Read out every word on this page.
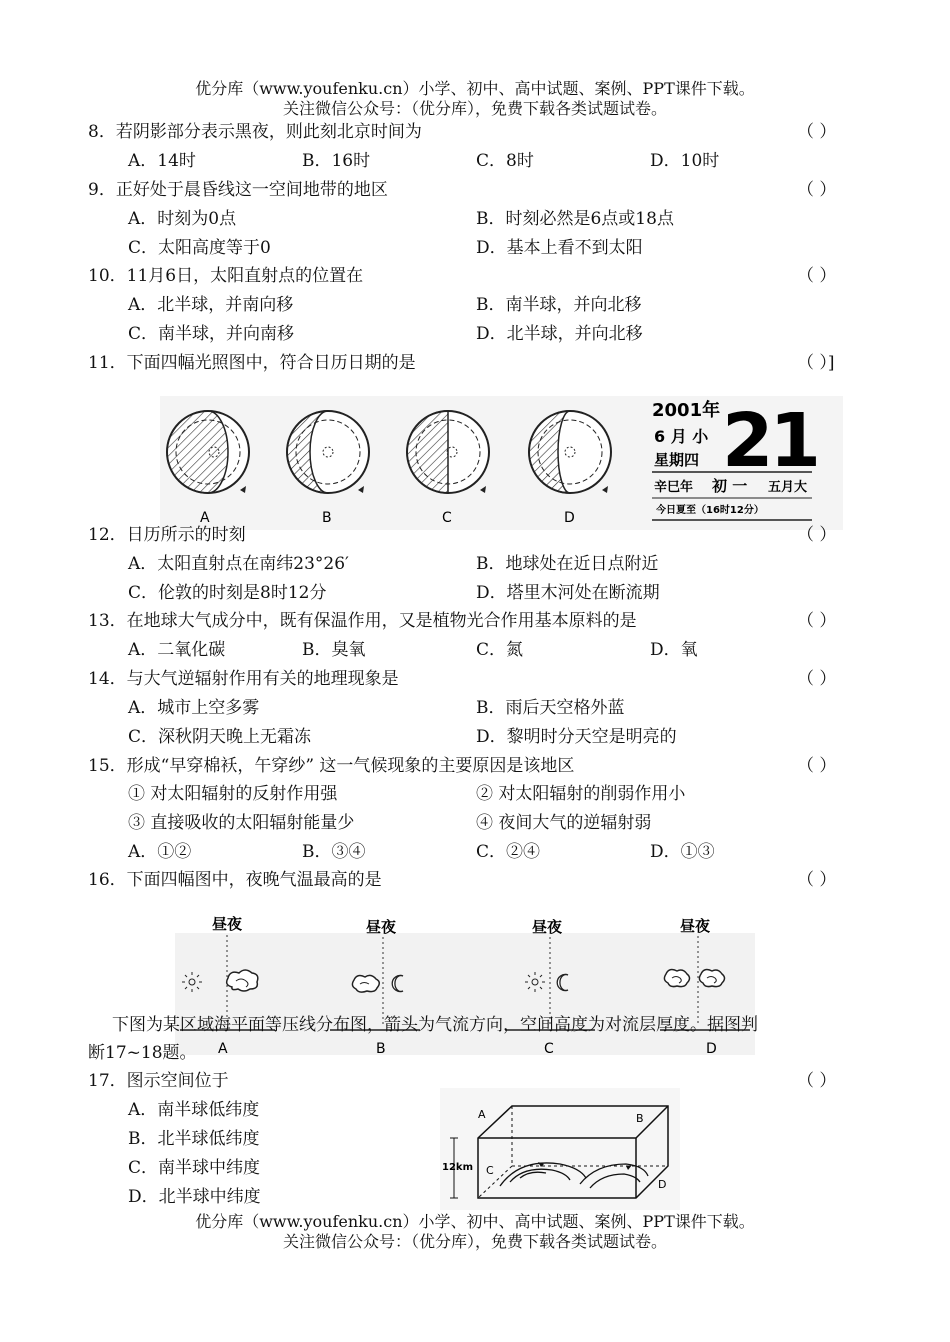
优分库（www.youfenku.cn）小学、初中、高中试题、案例、PPT课件下载。
关注微信公众号：（优分库），免费下载各类试题试卷。
8．若阴影部分表示黑夜，则此刻北京时间为	（ ）
A．14时	B．16时	C．8时	D．10时
9．正好处于晨昏线这一空间地带的地区	（ ）
A．时刻为0点	B．时刻必然是6点或18点
C．太阳高度等于0	D．基本上看不到太阳
10．11月6日，太阳直射点的位置在	（ ）
A．北半球，并南向移	B．南半球，并向北移
C．南半球，并向南移	D．北半球，并向北移
11．下面四幅光照图中，符合日历日期的是	（ ）]
A	B	C	D
2001年
6 月 小
星期四 21
辛巳年 初 一 五月大
今日夏至（16时12分）
12．日历所示的时刻	（ ）
A．太阳直射点在南纬23°26′	B．地球处在近日点附近
C．伦敦的时刻是8时12分	D．塔里木河处在断流期
13．在地球大气成分中，既有保温作用，又是植物光合作用基本原料的是	（ ）
A．二氧化碳	B．臭氧	C．氮	D．氧
14．与大气逆辐射作用有关的地理现象是	（ ）
A．城市上空多雾	B．雨后天空格外蓝
C．深秋阴天晚上无霜冻	D．黎明时分天空是明亮的
15．形成“早穿棉袄，午穿纱” 这一气候现象的主要原因是该地区	（ ）
① 对太阳辐射的反射作用强	② 对太阳辐射的削弱作用小
③ 直接吸收的太阳辐射能量少	④ 夜间大气的逆辐射弱
A．①②	B．③④	C．②④	D．①③
16．下面四幅图中，夜晚气温最高的是	（ ）
昼夜
A
昼夜
B
昼夜
C
昼夜
D
下图为某区域海平面等压线分布图，箭头为气流方向，空间高度为对流层厚度。据图判
断17~18题。
17．图示空间位于	（ ）
A．南半球低纬度
B．北半球低纬度
C．南半球中纬度
D．北半球中纬度
12km
A	B
C
D
优分库（www.youfenku.cn）小学、初中、高中试题、案例、PPT课件下载。
关注微信公众号：（优分库），免费下载各类试题试卷。
